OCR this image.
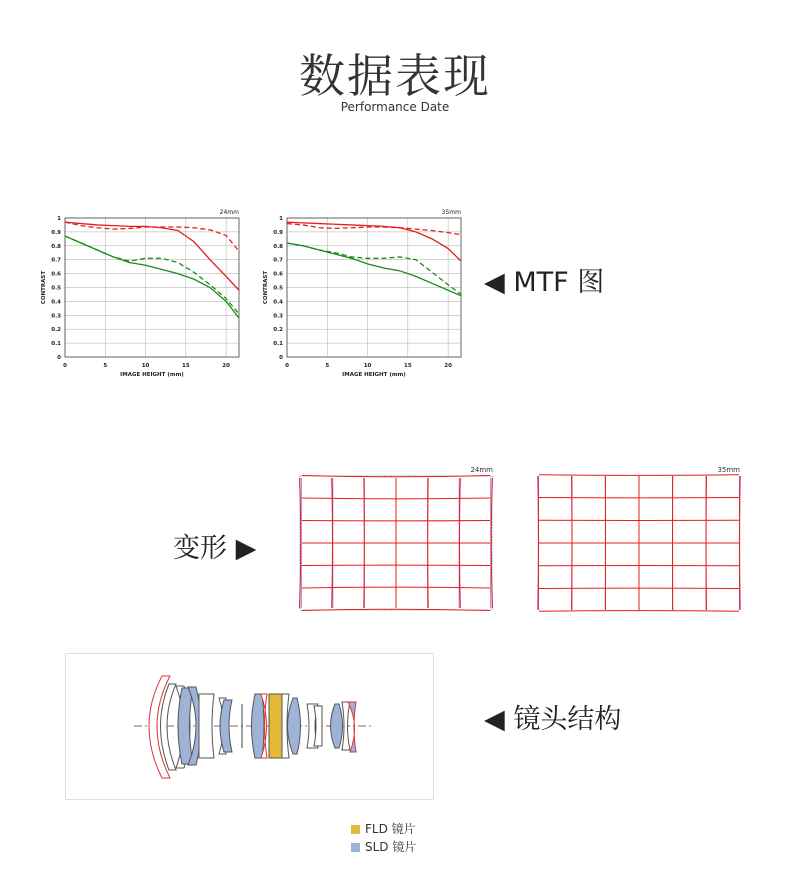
数据表现
Performance Date
0
0.1
0.2
0.3
0.4
0.5
0.6
0.7
0.8
0.9
1
0	5	10	15	20
IMAGE HEIGHT (mm)
CONTRAST
24mm
0
0.1
0.2
0.3
0.4
0.5
0.6
0.7
0.8
0.9
1
0	5	10	15	20
IMAGE HEIGHT (mm)
CONTRAST
35mm
◀ MTF 图
变形 ▶
24mm	35mm
◀ 镜头结构
FLD 镜片
SLD 镜片
